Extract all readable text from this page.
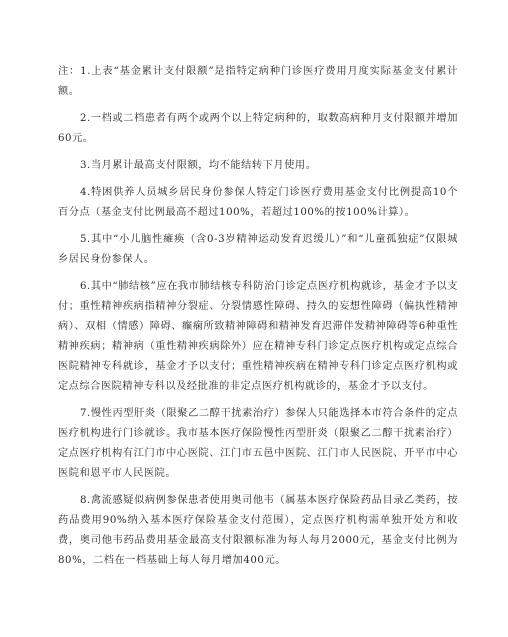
注：1.上表“基金累计支付限额”是指特定病种门诊医疗费用月度实际基金支付累计额。

2.一档或二档患者有两个或两个以上特定病种的，取数高病种月支付限额并增加60元。

3.当月累计最高支付限额，均不能结转下月使用。

4.特困供养人员城乡居民身份参保人特定门诊医疗费用基金支付比例提高10个百分点（基金支付比例最高不超过100%，若超过100%的按100%计算）。

5.其中“小儿脑性瘫痪（含0-3岁精神运动发育迟缓儿）”和“儿童孤独症”仅限城乡居民身份参保人。

6.其中“肺结核”应在我市肺结核专科防治门诊定点医疗机构就诊，基金才予以支付；重性精神疾病指精神分裂症、分裂情感性障碍、持久的妄想性障碍（偏执性精神病）、双相（情感）障碍、癫痫所致精神障碍和精神发育迟滞伴发精神障碍等6种重性精神疾病；精神病（重性精神疾病除外）应在精神专科门诊定点医疗机构或定点综合医院精神专科就诊，基金才予以支付；重性精神疾病在精神专科门诊定点医疗机构或定点综合医院精神专科以及经批准的非定点医疗机构就诊的，基金才予以支付。

7.慢性丙型肝炎（限聚乙二醇干扰素治疗）参保人只能选择本市符合条件的定点医疗机构进行门诊就诊。我市基本医疗保险慢性丙型肝炎（限聚乙二醇干扰素治疗）定点医疗机构有江门市中心医院、江门市五邑中医院、江门市人民医院、开平市中心医院和恩平市人民医院。

8.禽流感疑似病例参保患者使用奥司他韦（属基本医疗保险药品目录乙类药，按药品费用90%纳入基本医疗保险基金支付范围），定点医疗机构需单独开处方和收费，奥司他韦药品费用基金最高支付限额标准为每人每月2000元，基金支付比例为80%，二档在一档基础上每人每月增加400元。
